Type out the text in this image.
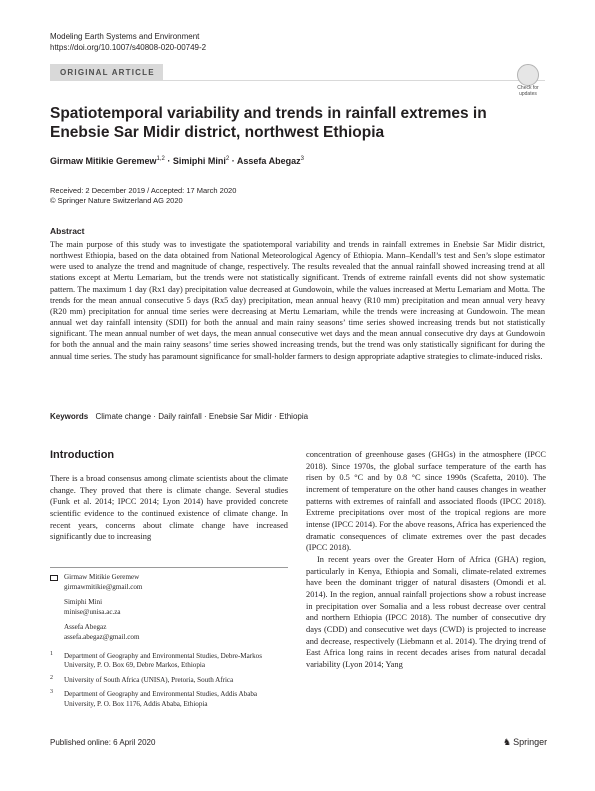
Modeling Earth Systems and Environment
https://doi.org/10.1007/s40808-020-00749-2
ORIGINAL ARTICLE
Check for
updates
Spatiotemporal variability and trends in rainfall extremes in Enebsie Sar Midir district, northwest Ethiopia
Girmaw Mitikie Geremew$^{1,2}$ · Simiphi Mini$^2$ · Assefa Abegaz$^3$
Received: 2 December 2019 / Accepted: 17 March 2020
© Springer Nature Switzerland AG 2020
Abstract

The main purpose of this study was to investigate the spatiotemporal variability and trends in rainfall extremes in Enebsie Sar Midir district, northwest Ethiopia, based on the data obtained from National Meteorological Agency of Ethiopia. Mann–Kendall’s test and Sen’s slope estimator were used to analyze the trend and magnitude of change, respectively. The results revealed that the annual rainfall showed increasing trend at all stations except at Mertu Lemariam, but the trends were not statistically significant. Trends of extreme rainfall events did not show systematic pattern. The maximum 1 day (Rx1 day) precipitation value decreased at Gundowoin, while the values increased at Mertu Lemariam and Motta. The trends for the mean annual consecutive 5 days (Rx5 day) precipitation, mean annual heavy (R10 mm) precipitation and mean annual very heavy (R20 mm) precipitation for annual time series were decreasing at Mertu Lemariam, while the trends were increasing at Gundowoin. The mean annual wet day rainfall intensity (SDII) for both the annual and main rainy seasons’ time series showed increasing trends but not statistically significant. The mean annual number of wet days, the mean annual consecutive wet days and the mean annual consecutive dry days at Gundowoin for both the annual and the main rainy seasons’ time series showed increasing trends, but the trend was only statistically significant for during the annual time series. The study has paramount significance for small-holder farmers to design appropriate adaptive strategies to climate-induced risks.

Keywords Climate change · Daily rainfall · Enebsie Sar Midir · Ethiopia
Introduction

There is a broad consensus among climate scientists about the climate change. They proved that there is climate change. Several studies (Funk et al. 2014; IPCC 2014; Lyon 2014) have provided concrete scientific evidence to the continued existence of climate change. In recent years, concerns about climate change have increased significantly due to increasing

concentration of greenhouse gases (GHGs) in the atmosphere (IPCC 2018). Since 1970s, the global surface temperature of the earth has risen by 0.5 °C and by 0.8 °C since 1990s (Scafetta, 2010). The increment of temperature on the other hand causes changes in weather patterns with extremes of rainfall and associated floods (IPCC 2018). Extreme precipitations over most of the tropical regions are more intense (IPCC 2014). For the above reasons, Africa has experienced the dramatic consequences of climate extremes over the past decades (IPCC 2018).

In recent years over the Greater Horn of Africa (GHA) region, particularly in Kenya, Ethiopia and Somali, climate-related extremes have been the dominant trigger of natural disasters (Omondi et al. 2014). In the region, annual rainfall projections show a robust increase in precipitation over Somalia and a less robust decrease over central and northern Ethiopia (IPCC 2018). The number of consecutive dry days (CDD) and consecutive wet days (CWD) is projected to increase and decrease, respectively (Liebmann et al. 2014). The drying trend of East Africa long rains in recent decades arises from natural decadal variability (Lyon 2014; Yang

Girmaw Mitikie Geremew
girmawmitikie@gmail.com
Simiphi Mini
minise@unisa.ac.za
Assefa Abegaz
assefa.abegaz@gmail.com
1 Department of Geography and Environmental Studies, Debre-Markos University, P. O. Box 69, Debre Markos, Ethiopia
2 University of South Africa (UNISA), Pretoria, South Africa
3 Department of Geography and Environmental Studies, Addis Ababa University, P. O. Box 1176, Addis Ababa, Ethiopia
Published online: 6 April 2020	♞ Springer
